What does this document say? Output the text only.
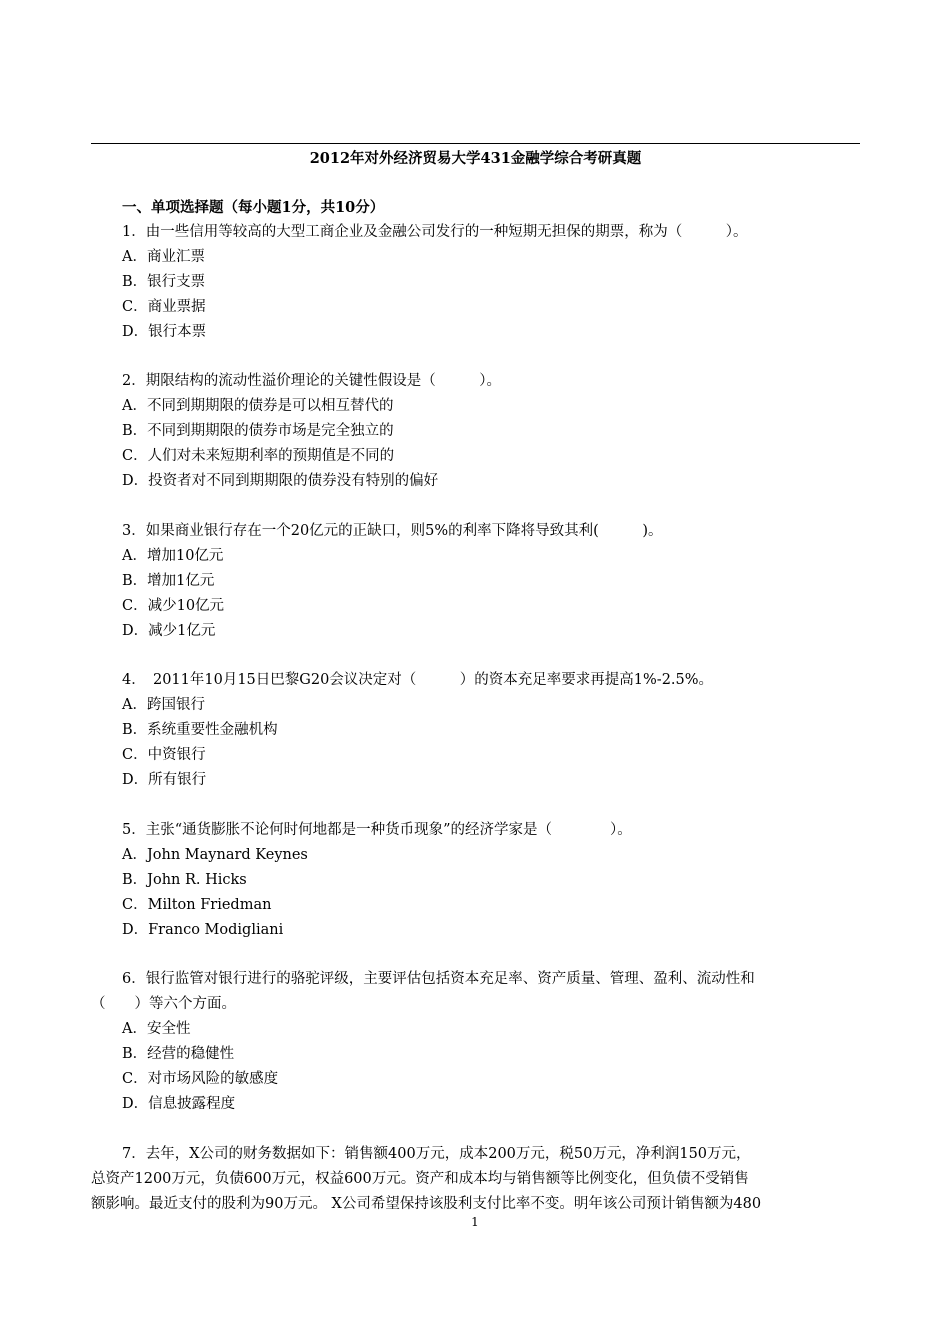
2012年对外经济贸易大学431金融学综合考研真题
一、单项选择题（每小题1分，共10分）
1．由一些信用等较高的大型工商企业及金融公司发行的一种短期无担保的期票，称为（　　　）。
A．商业汇票
B．银行支票
C．商业票据
D．银行本票
2．期限结构的流动性溢价理论的关键性假设是（　　　）。
A．不同到期期限的债券是可以相互替代的
B．不同到期期限的债券市场是完全独立的
C．人们对未来短期利率的预期值是不同的
D．投资者对不同到期期限的债券没有特别的偏好
3．如果商业银行存在一个20亿元的正缺口，则5%的利率下降将导致其利(　　　)。
A．增加10亿元
B．增加1亿元
C．减少10亿元
D．减少1亿元
4．　2011年10月15日巴黎G20会议决定对（　　　）的资本充足率要求再提高1%-2.5%。
A．跨国银行
B．系统重要性金融机构
C．中资银行
D．所有银行
5．主张“通货膨胀不论何时何地都是一种货币现象”的经济学家是（　　　　）。
A．John Maynard Keynes
B．John R. Hicks
C．Milton Friedman
D．Franco Modigliani
6．银行监管对银行进行的骆驼评级，主要评估包括资本充足率、资产质量、管理、盈利、流动性和
（　　）等六个方面。
A．安全性
B．经营的稳健性
C．对市场风险的敏感度
D．信息披露程度
7．去年，X公司的财务数据如下：销售额400万元，成本200万元，税50万元，净利润150万元，
总资产1200万元，负债600万元，权益600万元。资产和成本均与销售额等比例变化，但负债不受销售
额影响。最近支付的股利为90万元。 X公司希望保持该股利支付比率不变。明年该公司预计销售额为480
1
